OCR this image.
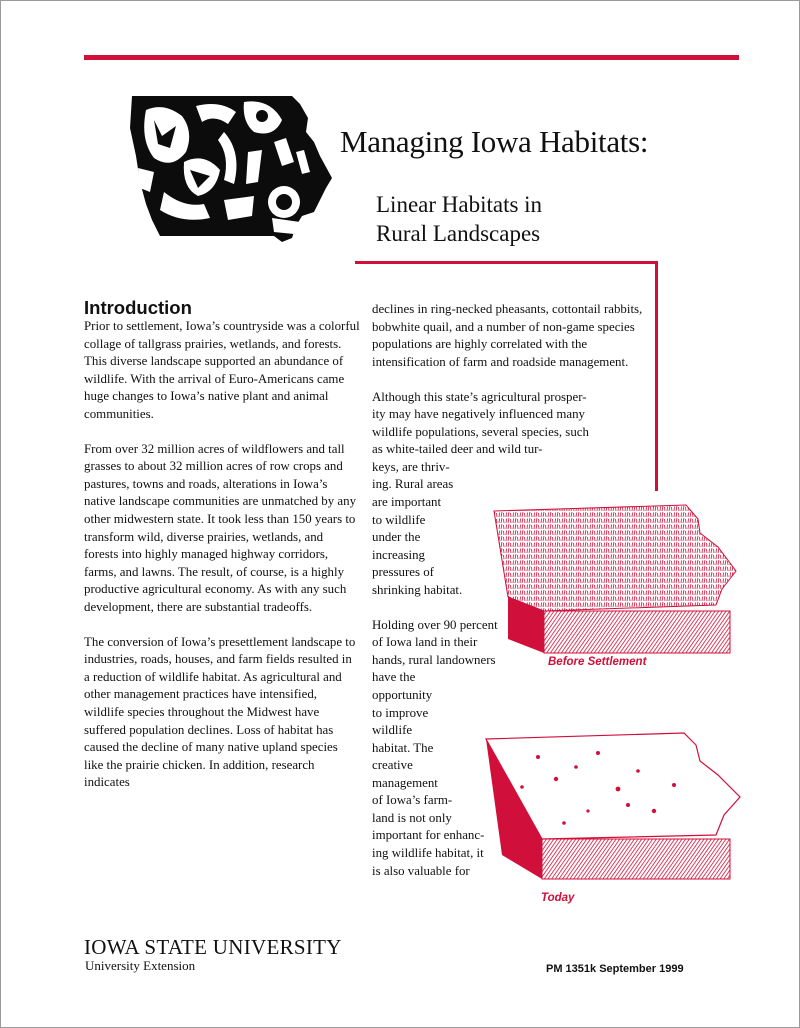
Managing Iowa Habitats:
Linear Habitats in
Rural Landscapes
Introduction

Prior to settlement, Iowa’s countryside was a colorful collage of tallgrass prairies, wetlands, and forests. This diverse landscape supported an abundance of wildlife. With the arrival of Euro-Americans came huge changes to Iowa’s native plant and animal communities.

From over 32 million acres of wildflowers and tall grasses to about 32 million acres of row crops and pastures, towns and roads, alterations in Iowa’s native landscape communities are unmatched by any other midwestern state. It took less than 150 years to transform wild, diverse prairies, wetlands, and forests into highly managed highway corridors, farms, and lawns. The result, of course, is a highly productive agricultural economy. As with any such development, there are substantial tradeoffs.

The conversion of Iowa’s presettlement landscape to industries, roads, houses, and farm fields resulted in a reduction of wildlife habitat. As agricultural and other management practices have intensified, wildlife species throughout the Midwest have suffered population declines. Loss of habitat has caused the decline of many native upland species like the prairie chicken. In addition, research indicates

declines in ring-necked pheasants, cottontail rabbits, bobwhite quail, and a number of non-game species populations are highly correlated with the intensification of farm and roadside management.

Although this state’s agricultural prosper-
ity may have negatively influenced many
wildlife populations, several species, such
as white-tailed deer and wild tur-
keys, are thriv-
ing. Rural areas
are important
to wildlife
under the
increasing
pressures of
shrinking habitat.

Holding over 90 percent
of Iowa land in their
hands, rural landowners
have the
opportunity
to improve
wildlife
habitat. The
creative
management
of Iowa’s farm-
land is not only
important for enhanc-
ing wildlife habitat, it
is also valuable for

Before Settlement
Today
IOWA STATE UNIVERSITY
University Extension	PM 1351k September 1999
